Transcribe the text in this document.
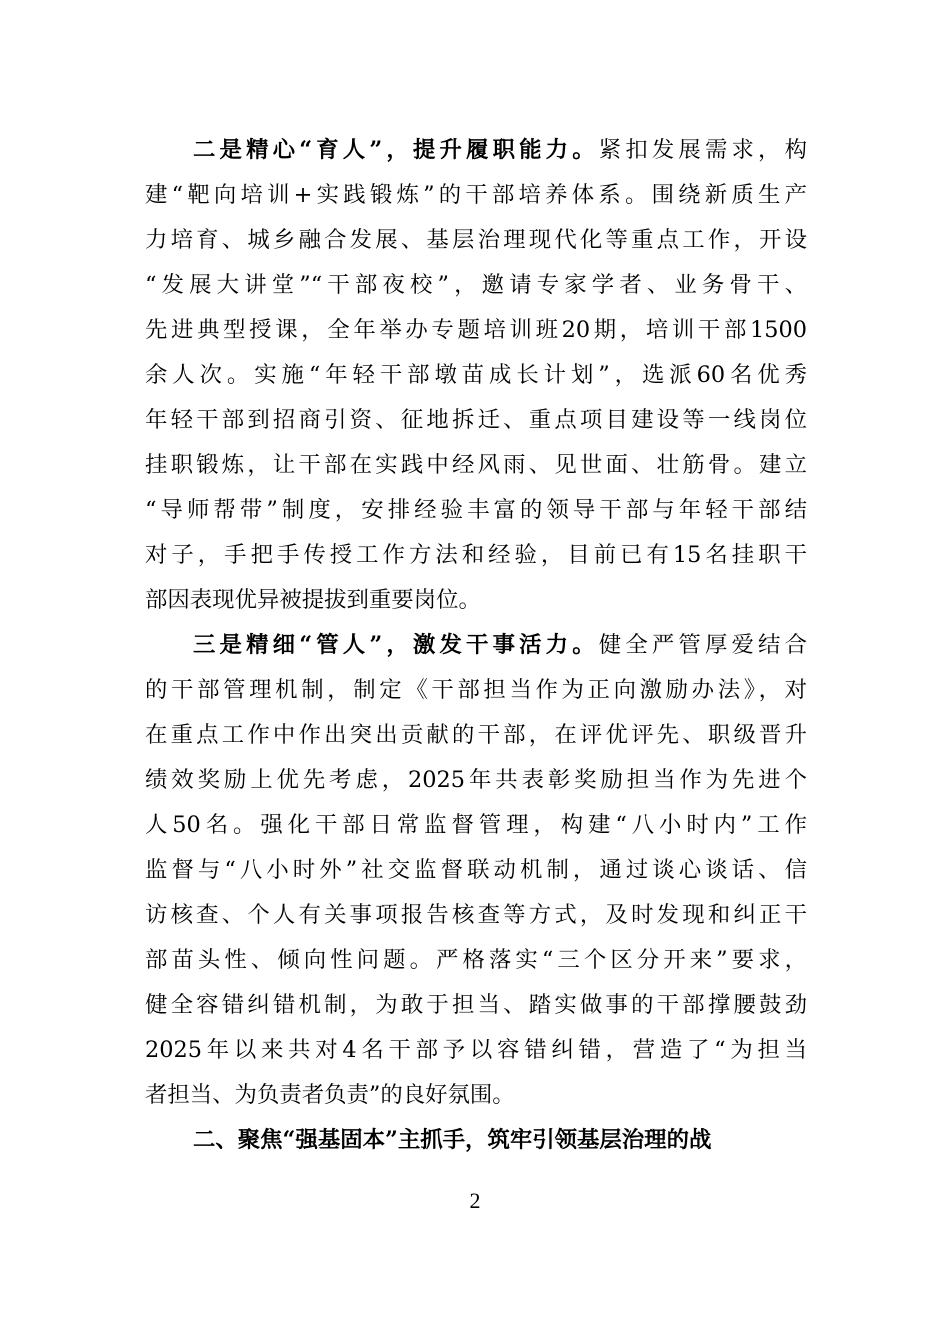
二是精心“育人”，提升履职能力。紧扣发展需求，构
建“靶向培训+实践锻炼”的干部培养体系。围绕新质生产
力培育、城乡融合发展、基层治理现代化等重点工作，开设
“发展大讲堂”“干部夜校”，邀请专家学者、业务骨干、
先进典型授课，全年举办专题培训班20期，培训干部1500
余人次。实施“年轻干部墩苗成长计划”，选派60名优秀
年轻干部到招商引资、征地拆迁、重点项目建设等一线岗位
挂职锻炼，让干部在实践中经风雨、见世面、壮筋骨。建立
“导师帮带”制度，安排经验丰富的领导干部与年轻干部结
对子，手把手传授工作方法和经验，目前已有15名挂职干
部因表现优异被提拔到重要岗位。
三是精细“管人”，激发干事活力。健全严管厚爱结合
的干部管理机制，制定《干部担当作为正向激励办法》，对
在重点工作中作出突出贡献的干部，在评优评先、职级晋升
绩效奖励上优先考虑，2025年共表彰奖励担当作为先进个
人50名。强化干部日常监督管理，构建“八小时内”工作
监督与“八小时外”社交监督联动机制，通过谈心谈话、信
访核查、个人有关事项报告核查等方式，及时发现和纠正干
部苗头性、倾向性问题。严格落实“三个区分开来”要求，
健全容错纠错机制，为敢于担当、踏实做事的干部撑腰鼓劲
2025年以来共对4名干部予以容错纠错，营造了“为担当
者担当、为负责者负责”的良好氛围。
二、聚焦“强基固本”主抓手，筑牢引领基层治理的战
2
